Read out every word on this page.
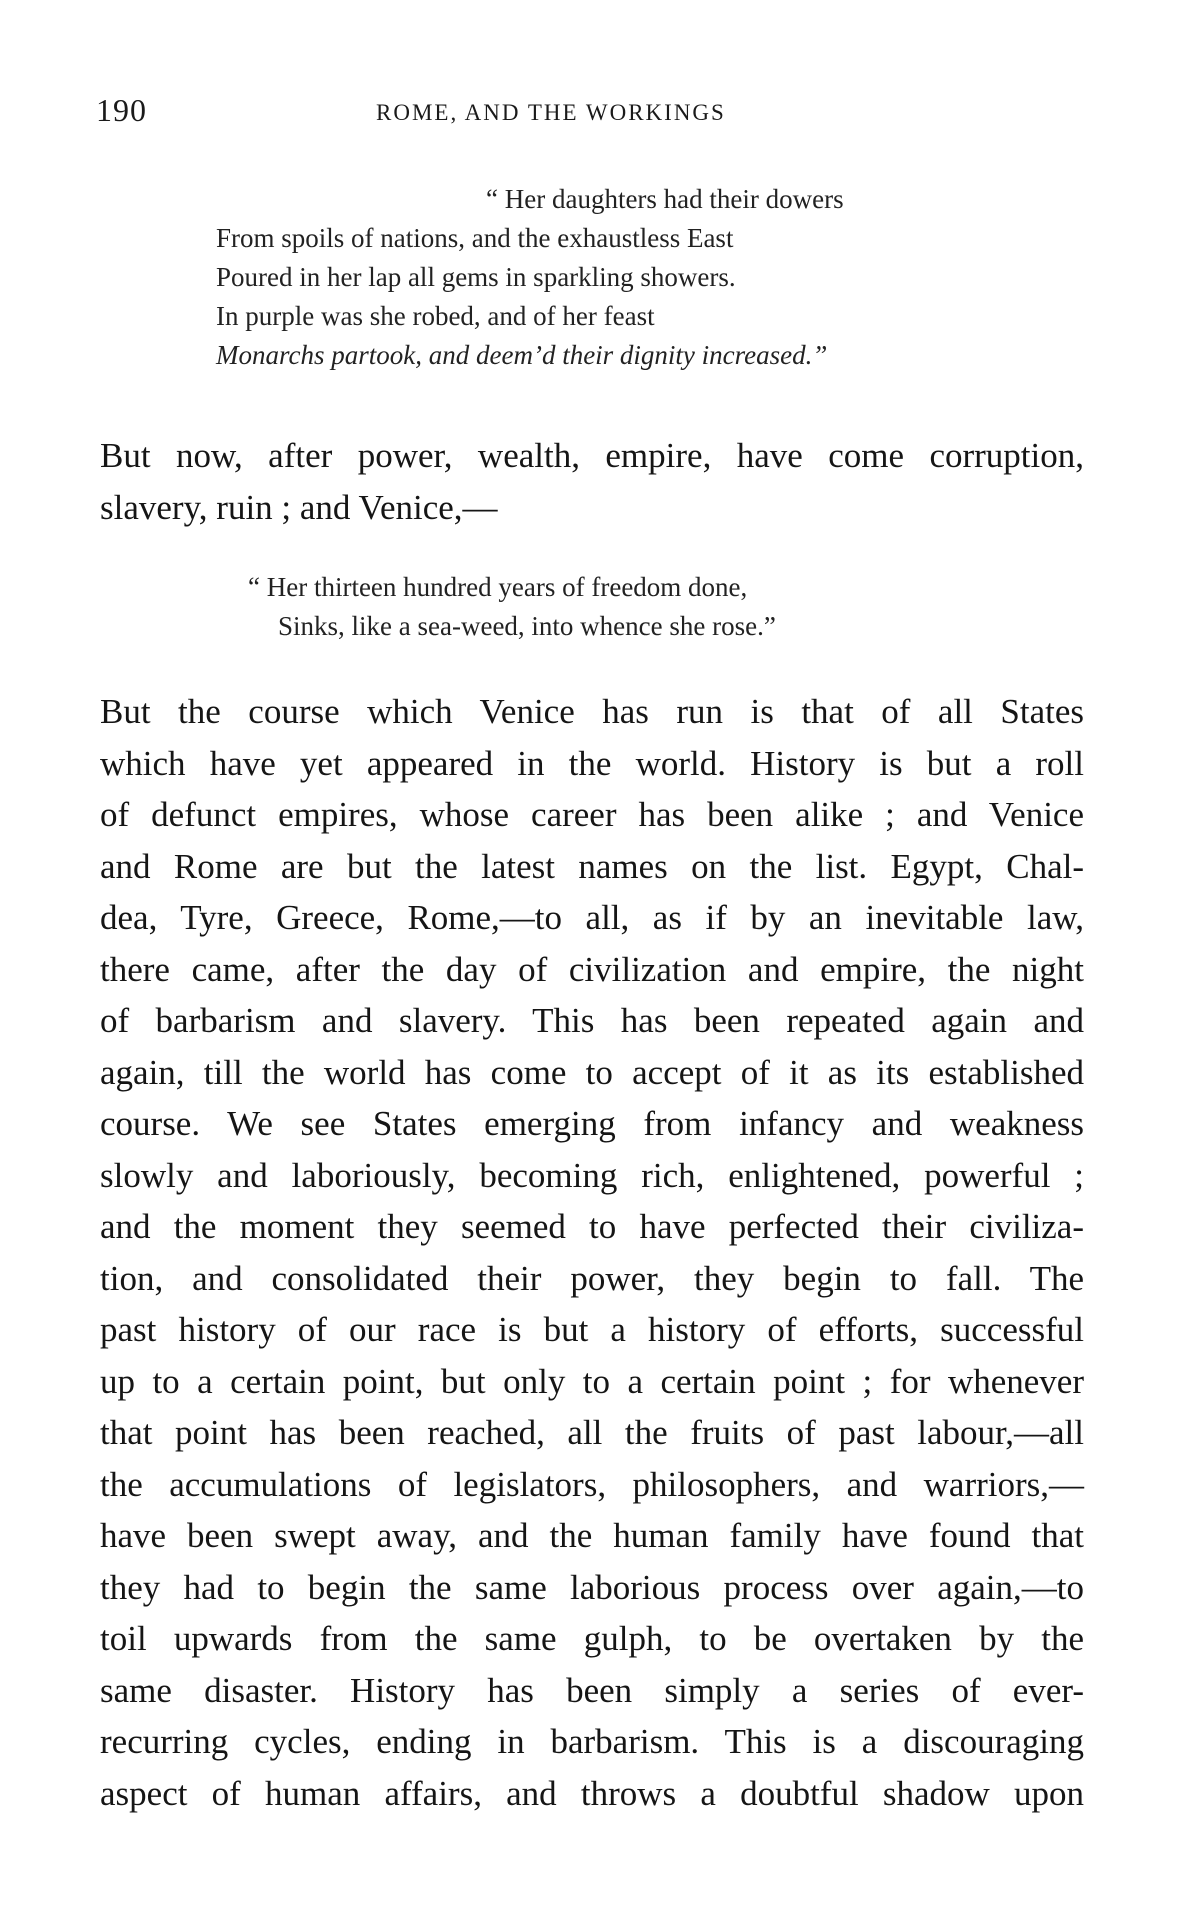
190	ROME, AND THE WORKINGS
“ Her daughters had their dowers
From spoils of nations, and the exhaustless East
Poured in her lap all gems in sparkling showers.
In purple was she robed, and of her feast
Monarchs partook, and deem’d their dignity increased.”
But now, after power, wealth, empire, have come corruption,
slavery, ruin ; and Venice,—
“ Her thirteen hundred years of freedom done,
Sinks, like a sea-weed, into whence she rose.”
But the course which Venice has run is that of all States
which have yet appeared in the world. History is but a roll
of defunct empires, whose career has been alike ; and Venice
and Rome are but the latest names on the list. Egypt, Chal-
dea, Tyre, Greece, Rome,—to all, as if by an inevitable law,
there came, after the day of civilization and empire, the night
of barbarism and slavery. This has been repeated again and
again, till the world has come to accept of it as its established
course. We see States emerging from infancy and weakness
slowly and laboriously, becoming rich, enlightened, powerful ;
and the moment they seemed to have perfected their civiliza-
tion, and consolidated their power, they begin to fall. The
past history of our race is but a history of efforts, successful
up to a certain point, but only to a certain point ; for whenever
that point has been reached, all the fruits of past labour,—all
the accumulations of legislators, philosophers, and warriors,—
have been swept away, and the human family have found that
they had to begin the same laborious process over again,—to
toil upwards from the same gulph, to be overtaken by the
same disaster. History has been simply a series of ever-
recurring cycles, ending in barbarism. This is a discouraging
aspect of human affairs, and throws a doubtful shadow upon
